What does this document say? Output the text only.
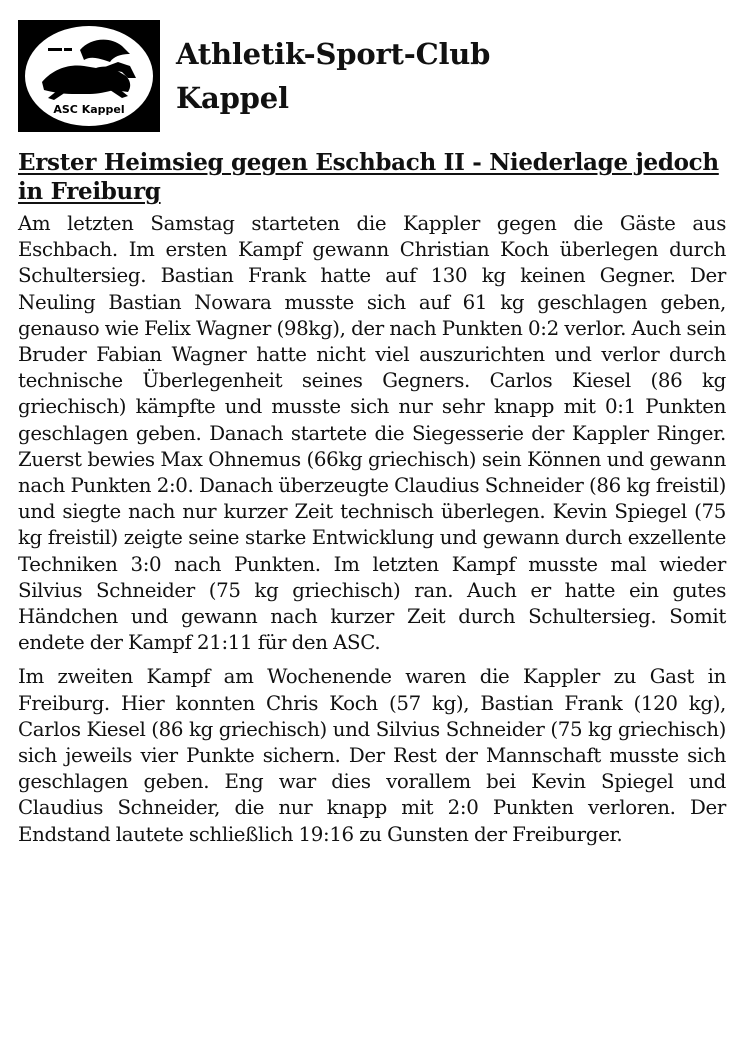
ASC Kappel
Athletik-Sport-Club
Kappel
Erster Heimsieg gegen Eschbach II - Niederlage jedoch in Freiburg

Am letzten Samstag starteten die Kappler gegen die Gäste aus Eschbach. Im ersten Kampf gewann Christian Koch überlegen durch Schultersieg. Bastian Frank hatte auf 130 kg keinen Gegner. Der Neuling Bastian Nowara musste sich auf 61 kg geschlagen geben, genauso wie Felix Wagner (98kg), der nach Punkten 0:2 verlor. Auch sein Bruder Fabian Wagner hatte nicht viel auszurichten und verlor durch technische Überlegenheit seines Gegners. Carlos Kiesel (86 kg griechisch) kämpfte und musste sich nur sehr knapp mit 0:1 Punkten geschlagen geben. Danach startete die Siegesserie der Kappler Ringer. Zuerst bewies Max Ohnemus (66kg griechisch) sein Können und gewann nach Punkten 2:0. Danach überzeugte Claudius Schneider (86 kg freistil) und siegte nach nur kurzer Zeit technisch überlegen. Kevin Spiegel (75 kg freistil) zeigte seine starke Entwicklung und gewann durch exzellente Techniken 3:0 nach Punkten. Im letzten Kampf musste mal wieder Silvius Schneider (75 kg griechisch) ran. Auch er hatte ein gutes Händchen und gewann nach kurzer Zeit durch Schultersieg. Somit endete der Kampf 21:11 für den ASC.

Im zweiten Kampf am Wochenende waren die Kappler zu Gast in Freiburg. Hier konnten Chris Koch (57 kg), Bastian Frank (120 kg), Carlos Kiesel (86 kg griechisch) und Silvius Schneider (75 kg griechisch) sich jeweils vier Punkte sichern. Der Rest der Mannschaft musste sich geschlagen geben. Eng war dies vorallem bei Kevin Spiegel und Claudius Schneider, die nur knapp mit 2:0 Punkten verloren. Der Endstand lautete schließlich 19:16 zu Gunsten der Freiburger.
